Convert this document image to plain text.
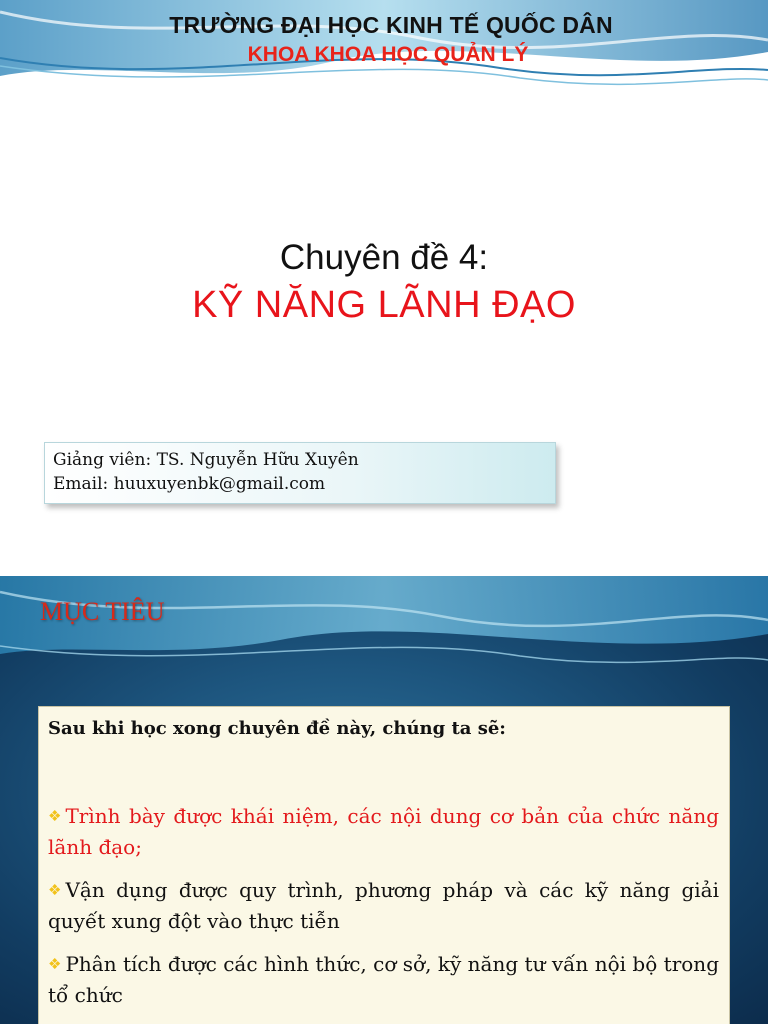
TRƯỜNG ĐẠI HỌC KINH TẾ QUỐC DÂN
KHOA KHOA HỌC QUẢN LÝ
Chuyên đề 4:
KỸ NĂNG LÃNH ĐẠO
Giảng viên: TS. Nguyễn Hữu Xuyên
Email: huuxuyenbk@gmail.com
MỤC TIÊU

Sau khi học xong chuyên đề này, chúng ta sẽ:

❖ Trình bày được khái niệm, các nội dung cơ bản của chức năng lãnh đạo;

❖ Vận dụng được quy trình, phương pháp và các kỹ năng giải quyết xung đột vào thực tiễn

❖ Phân tích được các hình thức, cơ sở, kỹ năng tư vấn nội bộ trong tổ chức
